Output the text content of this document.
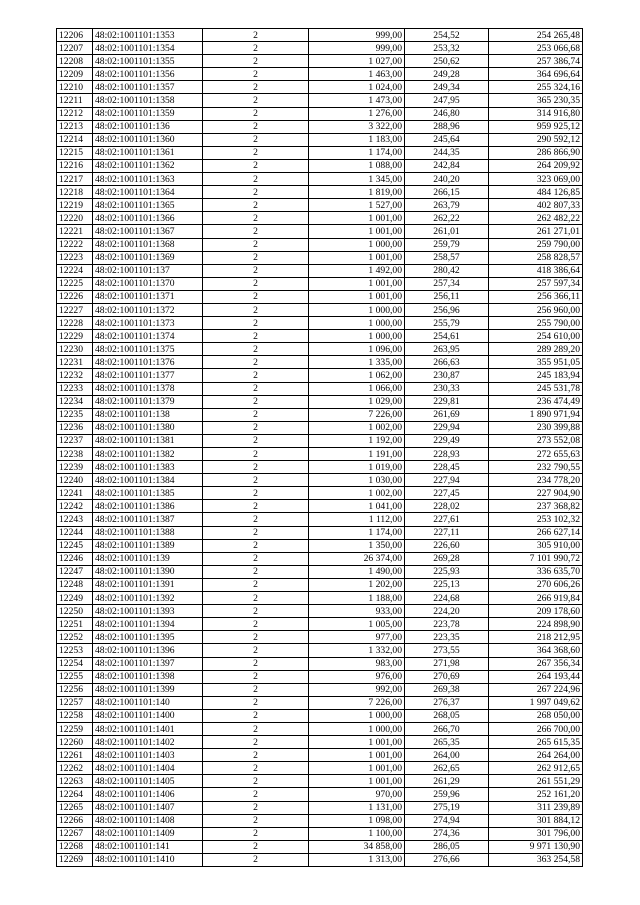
12206	48:02:1001101:1353	2	999,00	254,52	254 265,48
12207	48:02:1001101:1354	2	999,00	253,32	253 066,68
12208	48:02:1001101:1355	2	1 027,00	250,62	257 386,74
12209	48:02:1001101:1356	2	1 463,00	249,28	364 696,64
12210	48:02:1001101:1357	2	1 024,00	249,34	255 324,16
12211	48:02:1001101:1358	2	1 473,00	247,95	365 230,35
12212	48:02:1001101:1359	2	1 276,00	246,80	314 916,80
12213	48:02:1001101:136	2	3 322,00	288,96	959 925,12
12214	48:02:1001101:1360	2	1 183,00	245,64	290 592,12
12215	48:02:1001101:1361	2	1 174,00	244,35	286 866,90
12216	48:02:1001101:1362	2	1 088,00	242,84	264 209,92
12217	48:02:1001101:1363	2	1 345,00	240,20	323 069,00
12218	48:02:1001101:1364	2	1 819,00	266,15	484 126,85
12219	48:02:1001101:1365	2	1 527,00	263,79	402 807,33
12220	48:02:1001101:1366	2	1 001,00	262,22	262 482,22
12221	48:02:1001101:1367	2	1 001,00	261,01	261 271,01
12222	48:02:1001101:1368	2	1 000,00	259,79	259 790,00
12223	48:02:1001101:1369	2	1 001,00	258,57	258 828,57
12224	48:02:1001101:137	2	1 492,00	280,42	418 386,64
12225	48:02:1001101:1370	2	1 001,00	257,34	257 597,34
12226	48:02:1001101:1371	2	1 001,00	256,11	256 366,11
12227	48:02:1001101:1372	2	1 000,00	256,96	256 960,00
12228	48:02:1001101:1373	2	1 000,00	255,79	255 790,00
12229	48:02:1001101:1374	2	1 000,00	254,61	254 610,00
12230	48:02:1001101:1375	2	1 096,00	263,95	289 289,20
12231	48:02:1001101:1376	2	1 335,00	266,63	355 951,05
12232	48:02:1001101:1377	2	1 062,00	230,87	245 183,94
12233	48:02:1001101:1378	2	1 066,00	230,33	245 531,78
12234	48:02:1001101:1379	2	1 029,00	229,81	236 474,49
12235	48:02:1001101:138	2	7 226,00	261,69	1 890 971,94
12236	48:02:1001101:1380	2	1 002,00	229,94	230 399,88
12237	48:02:1001101:1381	2	1 192,00	229,49	273 552,08
12238	48:02:1001101:1382	2	1 191,00	228,93	272 655,63
12239	48:02:1001101:1383	2	1 019,00	228,45	232 790,55
12240	48:02:1001101:1384	2	1 030,00	227,94	234 778,20
12241	48:02:1001101:1385	2	1 002,00	227,45	227 904,90
12242	48:02:1001101:1386	2	1 041,00	228,02	237 368,82
12243	48:02:1001101:1387	2	1 112,00	227,61	253 102,32
12244	48:02:1001101:1388	2	1 174,00	227,11	266 627,14
12245	48:02:1001101:1389	2	1 350,00	226,60	305 910,00
12246	48:02:1001101:139	2	26 374,00	269,28	7 101 990,72
12247	48:02:1001101:1390	2	1 490,00	225,93	336 635,70
12248	48:02:1001101:1391	2	1 202,00	225,13	270 606,26
12249	48:02:1001101:1392	2	1 188,00	224,68	266 919,84
12250	48:02:1001101:1393	2	933,00	224,20	209 178,60
12251	48:02:1001101:1394	2	1 005,00	223,78	224 898,90
12252	48:02:1001101:1395	2	977,00	223,35	218 212,95
12253	48:02:1001101:1396	2	1 332,00	273,55	364 368,60
12254	48:02:1001101:1397	2	983,00	271,98	267 356,34
12255	48:02:1001101:1398	2	976,00	270,69	264 193,44
12256	48:02:1001101:1399	2	992,00	269,38	267 224,96
12257	48:02:1001101:140	2	7 226,00	276,37	1 997 049,62
12258	48:02:1001101:1400	2	1 000,00	268,05	268 050,00
12259	48:02:1001101:1401	2	1 000,00	266,70	266 700,00
12260	48:02:1001101:1402	2	1 001,00	265,35	265 615,35
12261	48:02:1001101:1403	2	1 001,00	264,00	264 264,00
12262	48:02:1001101:1404	2	1 001,00	262,65	262 912,65
12263	48:02:1001101:1405	2	1 001,00	261,29	261 551,29
12264	48:02:1001101:1406	2	970,00	259,96	252 161,20
12265	48:02:1001101:1407	2	1 131,00	275,19	311 239,89
12266	48:02:1001101:1408	2	1 098,00	274,94	301 884,12
12267	48:02:1001101:1409	2	1 100,00	274,36	301 796,00
12268	48:02:1001101:141	2	34 858,00	286,05	9 971 130,90
12269	48:02:1001101:1410	2	1 313,00	276,66	363 254,58
